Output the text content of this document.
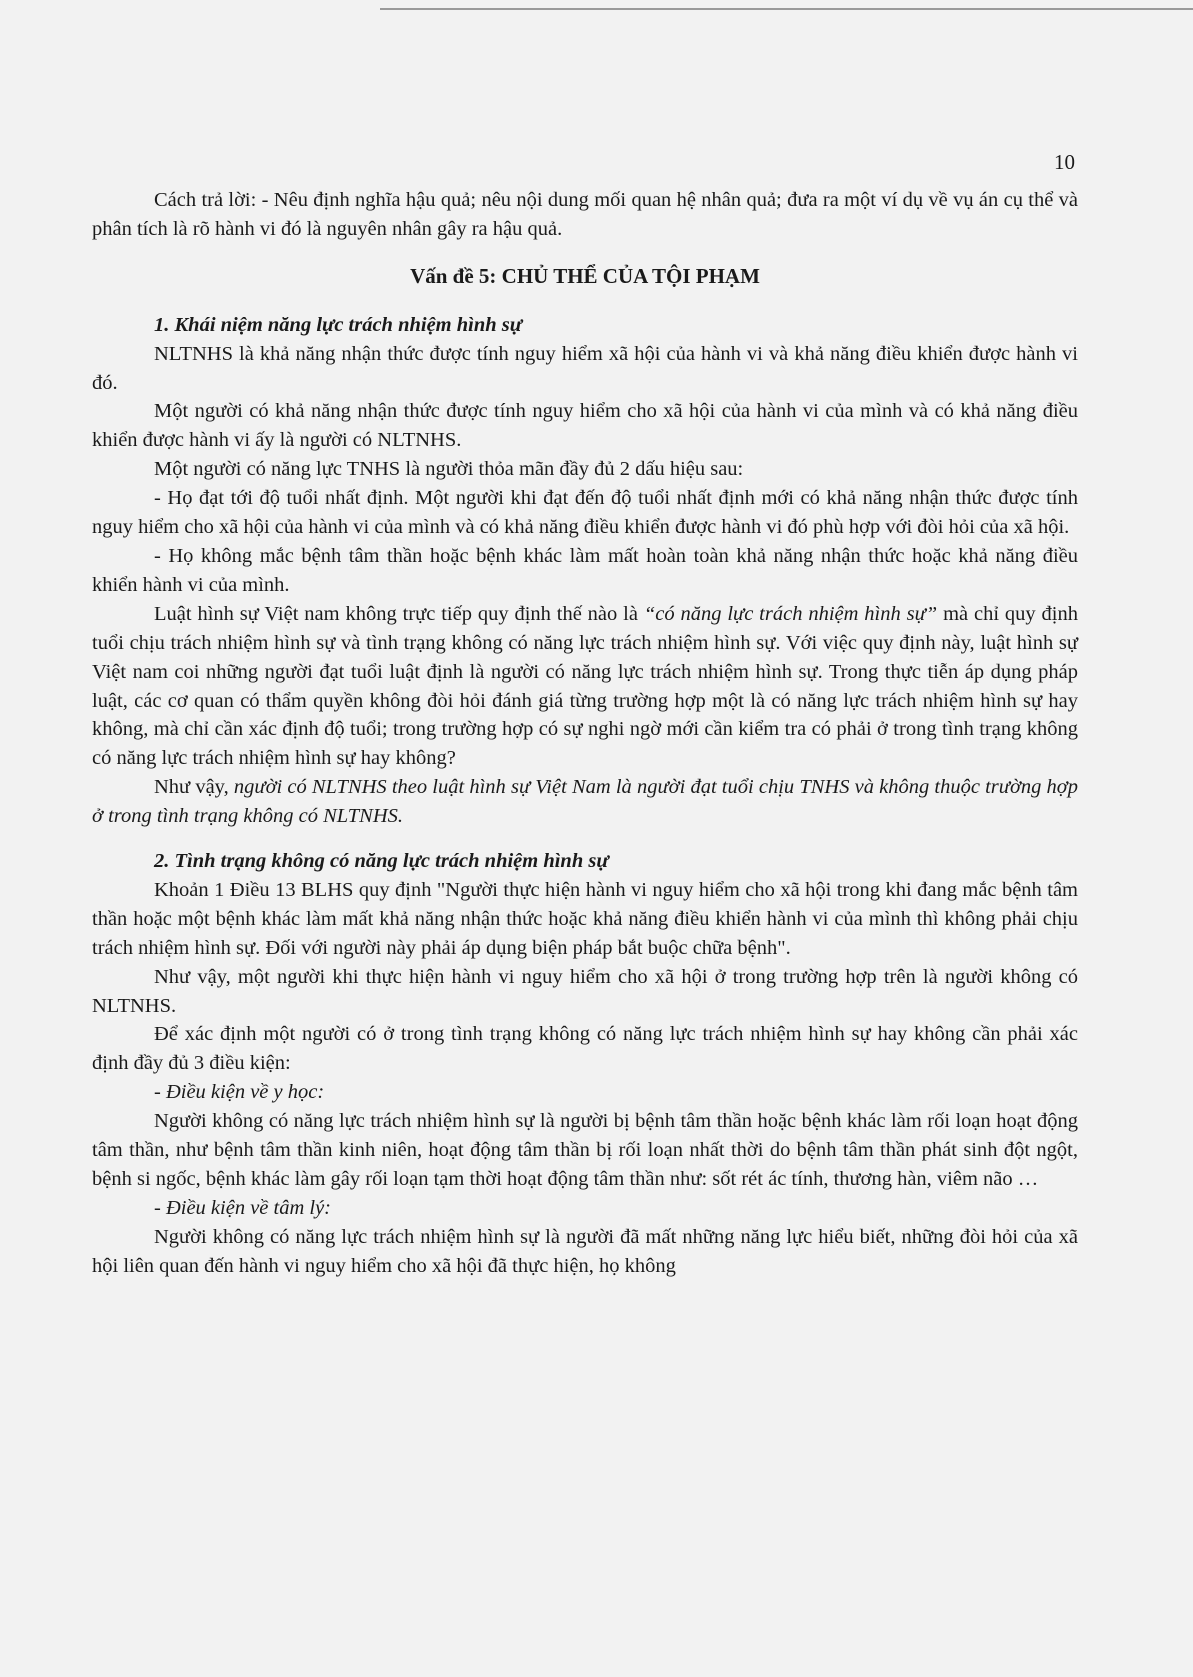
10

Cách trả lời: - Nêu định nghĩa hậu quả; nêu nội dung mối quan hệ nhân quả; đưa ra một ví dụ về vụ án cụ thể và phân tích là rõ hành vi đó là nguyên nhân gây ra hậu quả.

Vấn đề 5: CHỦ THỂ CỦA TỘI PHẠM

1. Khái niệm năng lực trách nhiệm hình sự

NLTNHS là khả năng nhận thức được tính nguy hiểm xã hội của hành vi và khả năng điều khiển được hành vi đó.

Một người có khả năng nhận thức được tính nguy hiểm cho xã hội của hành vi của mình và có khả năng điều khiển được hành vi ấy là người có NLTNHS.

Một người có năng lực TNHS là người thỏa mãn đầy đủ 2 dấu hiệu sau:

- Họ đạt tới độ tuổi nhất định. Một người khi đạt đến độ tuổi nhất định mới có khả năng nhận thức được tính nguy hiểm cho xã hội của hành vi của mình và có khả năng điều khiển được hành vi đó phù hợp với đòi hỏi của xã hội.

- Họ không mắc bệnh tâm thần hoặc bệnh khác làm mất hoàn toàn khả năng nhận thức hoặc khả năng điều khiển hành vi của mình.

Luật hình sự Việt nam không trực tiếp quy định thế nào là “có năng lực trách nhiệm hình sự” mà chỉ quy định tuổi chịu trách nhiệm hình sự và tình trạng không có năng lực trách nhiệm hình sự. Với việc quy định này, luật hình sự Việt nam coi những người đạt tuổi luật định là người có năng lực trách nhiệm hình sự. Trong thực tiễn áp dụng pháp luật, các cơ quan có thẩm quyền không đòi hỏi đánh giá từng trường hợp một là có năng lực trách nhiệm hình sự hay không, mà chỉ cần xác định độ tuổi; trong trường hợp có sự nghi ngờ mới cần kiểm tra có phải ở trong tình trạng không có năng lực trách nhiệm hình sự hay không?

Như vậy, người có NLTNHS theo luật hình sự Việt Nam là người đạt tuổi chịu TNHS và không thuộc trường hợp ở trong tình trạng không có NLTNHS.

2. Tình trạng không có năng lực trách nhiệm hình sự

Khoản 1 Điều 13 BLHS quy định "Người thực hiện hành vi nguy hiểm cho xã hội trong khi đang mắc bệnh tâm thần hoặc một bệnh khác làm mất khả năng nhận thức hoặc khả năng điều khiển hành vi của mình thì không phải chịu trách nhiệm hình sự. Đối với người này phải áp dụng biện pháp bắt buộc chữa bệnh".

Như vậy, một người khi thực hiện hành vi nguy hiểm cho xã hội ở trong trường hợp trên là người không có NLTNHS.

Để xác định một người có ở trong tình trạng không có năng lực trách nhiệm hình sự hay không cần phải xác định đầy đủ 3 điều kiện:

- Điều kiện về y học:

Người không có năng lực trách nhiệm hình sự là người bị bệnh tâm thần hoặc bệnh khác làm rối loạn hoạt động tâm thần, như bệnh tâm thần kinh niên, hoạt động tâm thần bị rối loạn nhất thời do bệnh tâm thần phát sinh đột ngột, bệnh si ngốc, bệnh khác làm gây rối loạn tạm thời hoạt động tâm thần như: sốt rét ác tính, thương hàn, viêm não …

- Điều kiện về tâm lý:

Người không có năng lực trách nhiệm hình sự là người đã mất những năng lực hiểu biết, những đòi hỏi của xã hội liên quan đến hành vi nguy hiểm cho xã hội đã thực hiện, họ không
